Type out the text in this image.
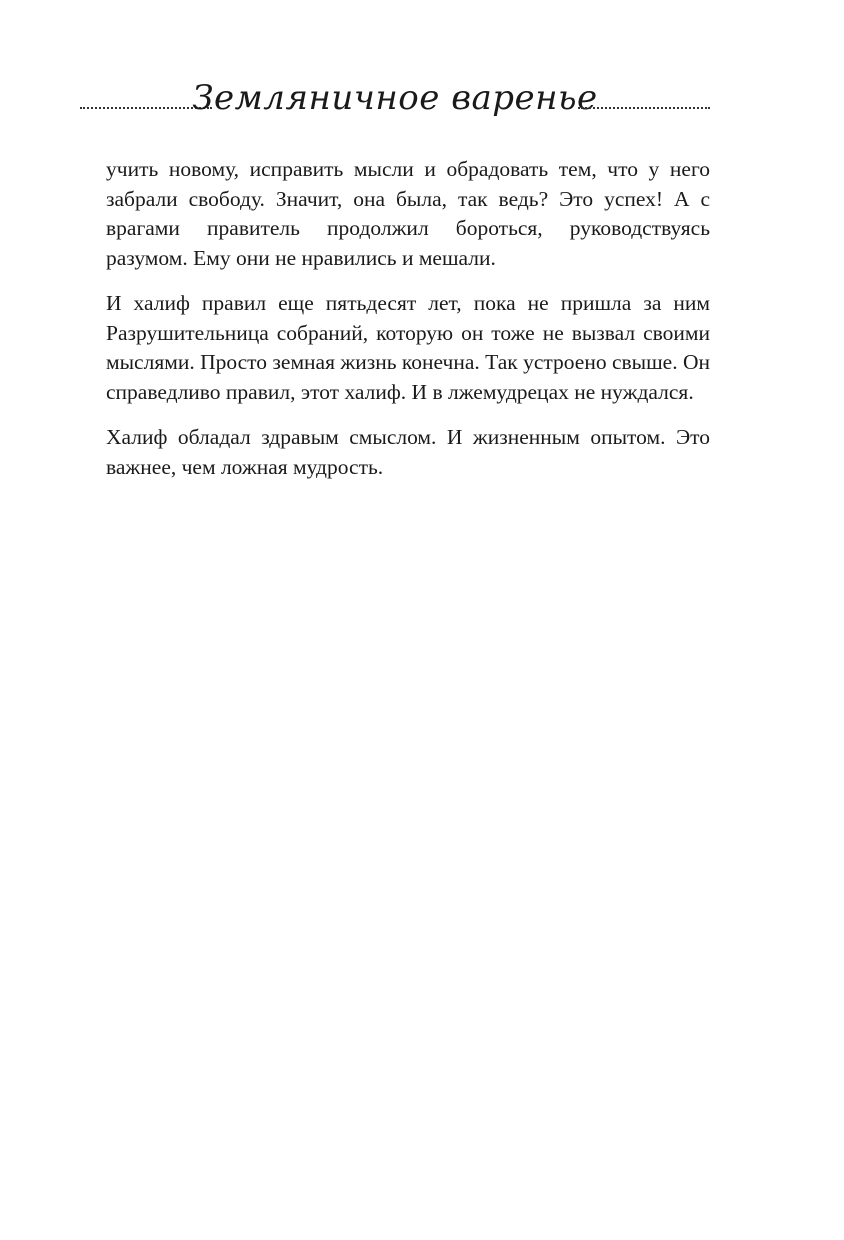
Земляничное варенье

учить новому, исправить мысли и обрадовать тем, что у него забрали свободу. Значит, она была, так ведь? Это успех! А с врагами правитель продолжил бороться, руководствуясь разумом. Ему они не нравились и мешали.

И халиф правил еще пятьдесят лет, пока не пришла за ним Разрушительница собраний, которую он тоже не вызвал своими мыслями. Просто земная жизнь конечна. Так устроено свыше. Он справедливо правил, этот халиф. И в лжемудрецах не нуждался.

Халиф обладал здравым смыслом. И жизненным опытом. Это важнее, чем ложная мудрость.
